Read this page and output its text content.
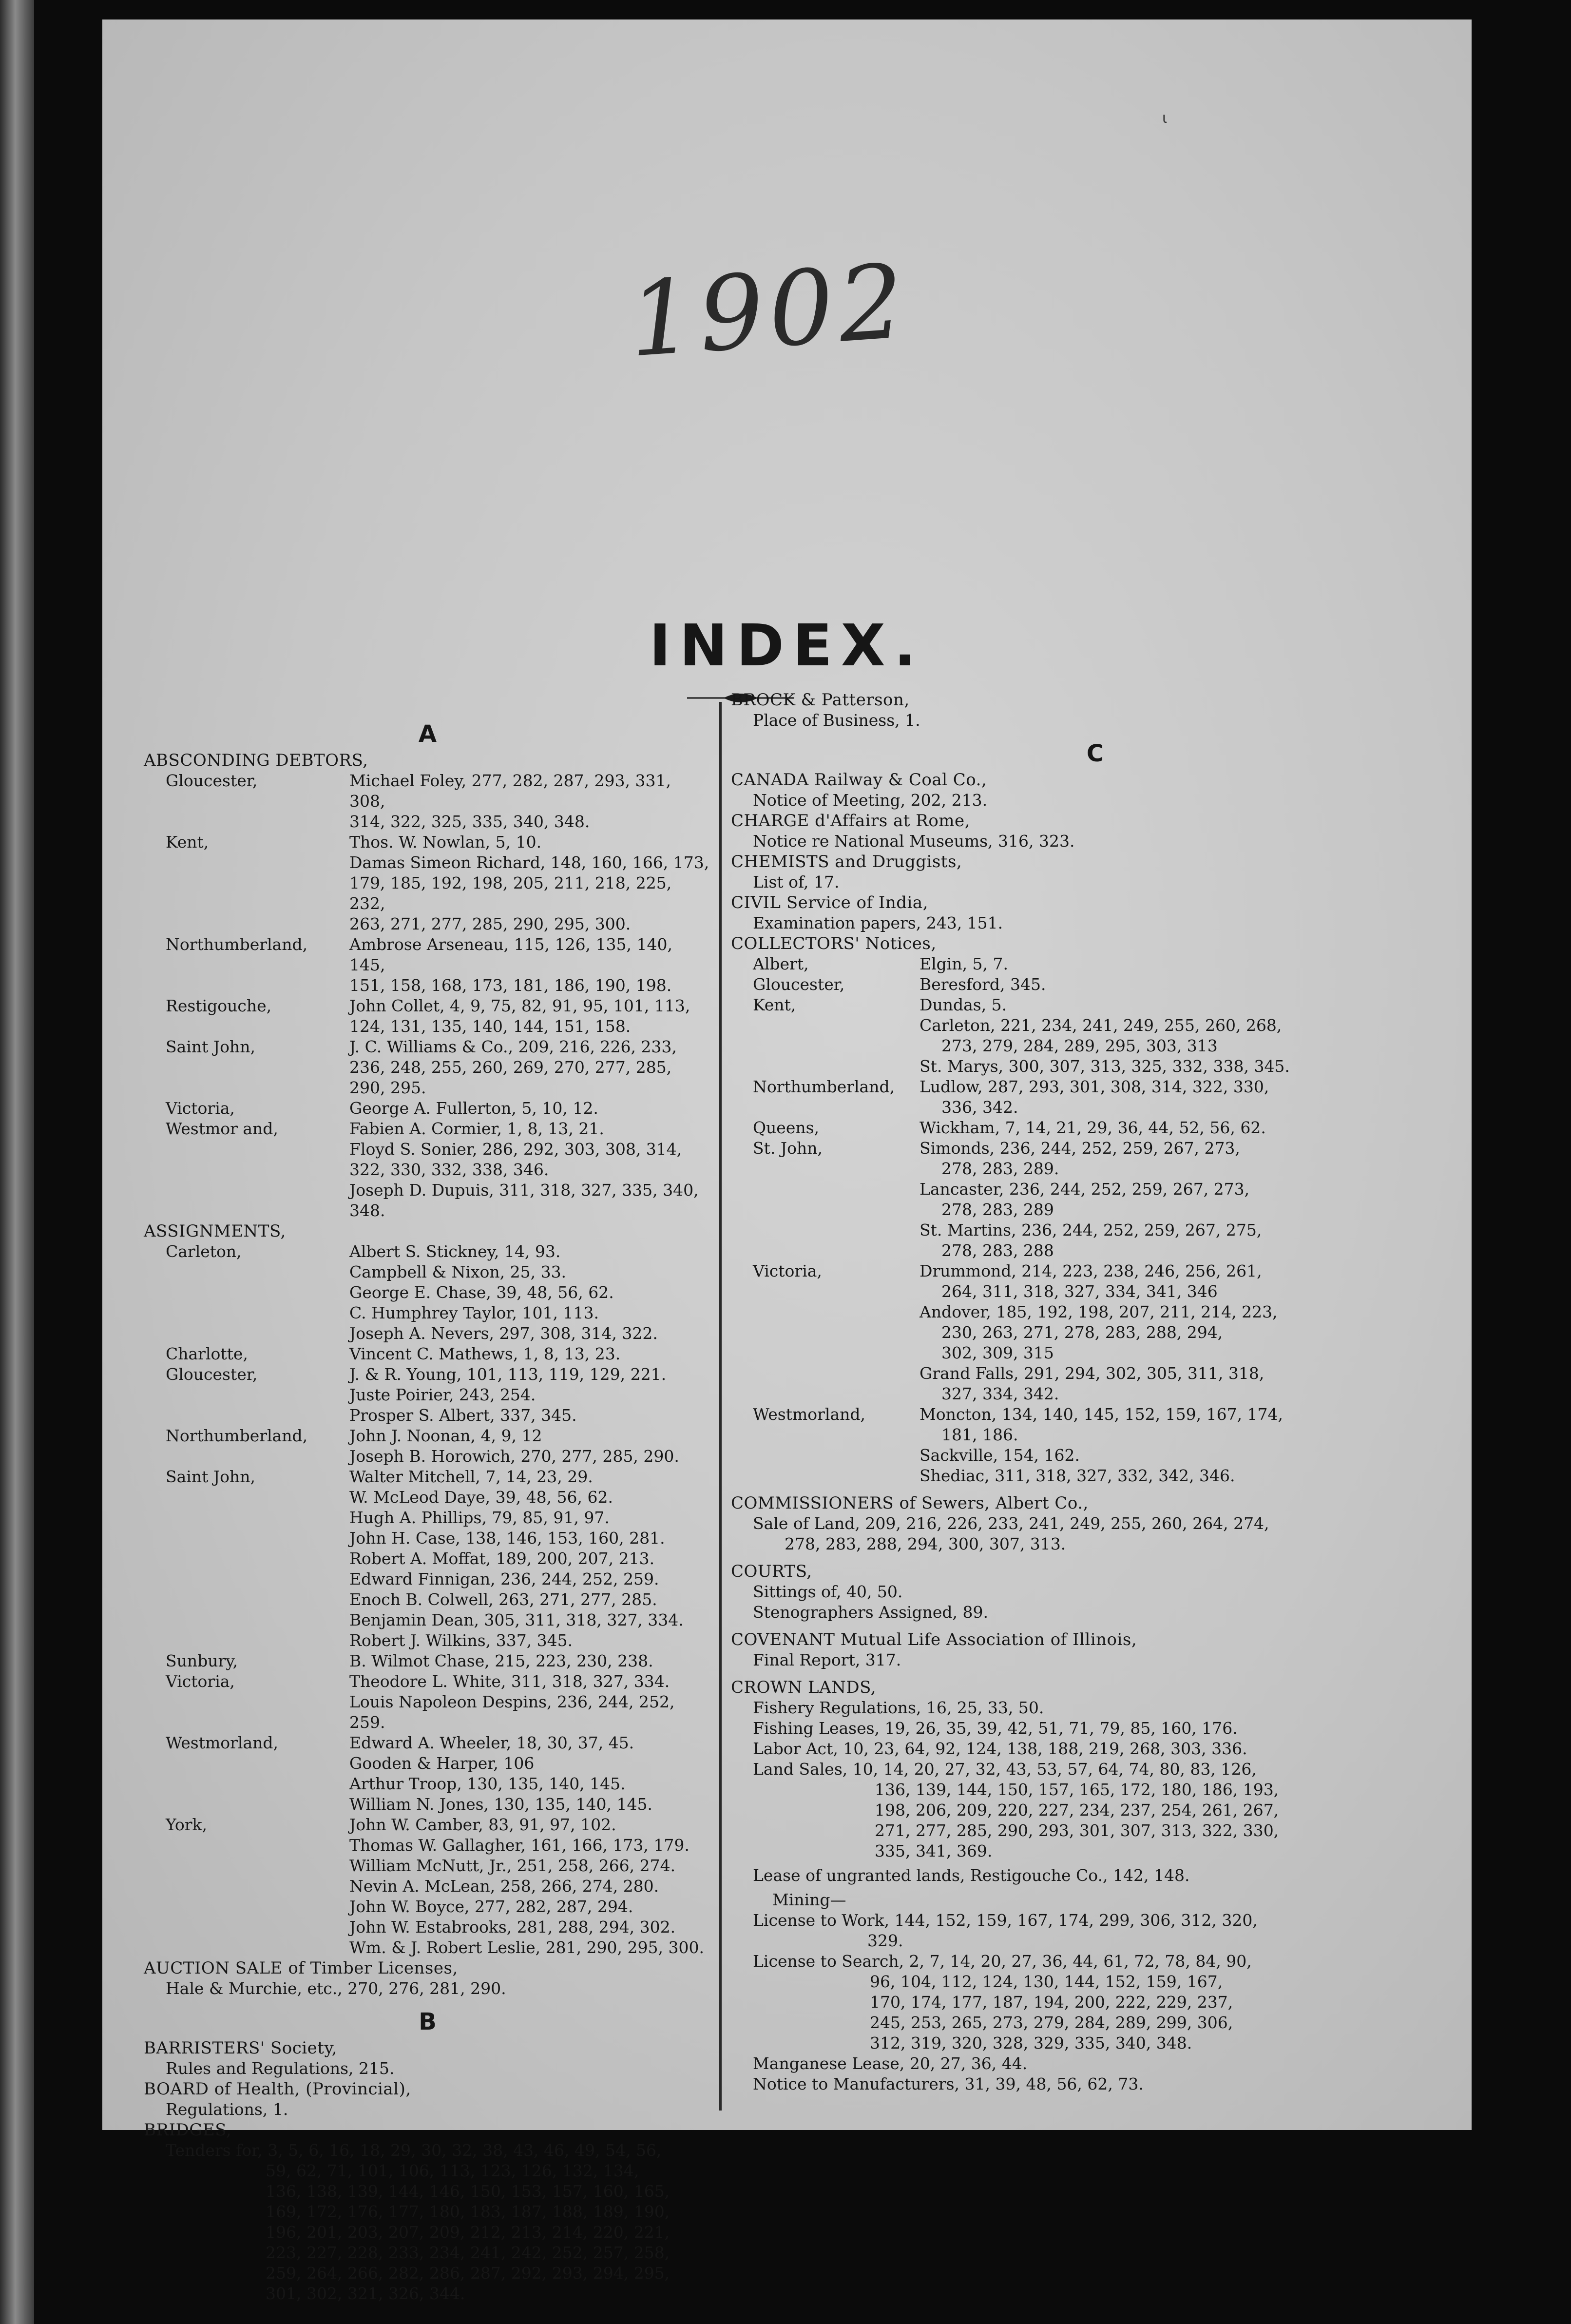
1902
INDEX.
A
ABSCONDING DEBTORS,
Gloucester,	Michael Foley, 277, 282, 287, 293, 331, 308,
314, 322, 325, 335, 340, 348.
Kent,	Thos. W. Nowlan, 5, 10.
Damas Simeon Richard, 148, 160, 166, 173,
179, 185, 192, 198, 205, 211, 218, 225, 232,
263, 271, 277, 285, 290, 295, 300.
Northumberland,	Ambrose Arseneau, 115, 126, 135, 140, 145,
151, 158, 168, 173, 181, 186, 190, 198.
Restigouche,	John Collet, 4, 9, 75, 82, 91, 95, 101, 113,
124, 131, 135, 140, 144, 151, 158.
Saint John,	J. C. Williams & Co., 209, 216, 226, 233,
236, 248, 255, 260, 269, 270, 277, 285,
290, 295.
Victoria,	George A. Fullerton, 5, 10, 12.
Westmor and,	Fabien A. Cormier, 1, 8, 13, 21.
Floyd S. Sonier, 286, 292, 303, 308, 314,
322, 330, 332, 338, 346.
Joseph D. Dupuis, 311, 318, 327, 335, 340,
348.
ASSIGNMENTS,
Carleton,	Albert S. Stickney, 14, 93.
Campbell & Nixon, 25, 33.
George E. Chase, 39, 48, 56, 62.
C. Humphrey Taylor, 101, 113.
Joseph A. Nevers, 297, 308, 314, 322.
Charlotte,	Vincent C. Mathews, 1, 8, 13, 23.
Gloucester,	J. & R. Young, 101, 113, 119, 129, 221.
Juste Poirier, 243, 254.
Prosper S. Albert, 337, 345.
Northumberland,	John J. Noonan, 4, 9, 12
Joseph B. Horowich, 270, 277, 285, 290.
Saint John,	Walter Mitchell, 7, 14, 23, 29.
W. McLeod Daye, 39, 48, 56, 62.
Hugh A. Phillips, 79, 85, 91, 97.
John H. Case, 138, 146, 153, 160, 281.
Robert A. Moffat, 189, 200, 207, 213.
Edward Finnigan, 236, 244, 252, 259.
Enoch B. Colwell, 263, 271, 277, 285.
Benjamin Dean, 305, 311, 318, 327, 334.
Robert J. Wilkins, 337, 345.
Sunbury,	B. Wilmot Chase, 215, 223, 230, 238.
Victoria,	Theodore L. White, 311, 318, 327, 334.
Louis Napoleon Despins, 236, 244, 252, 259.
Westmorland,	Edward A. Wheeler, 18, 30, 37, 45.
Gooden & Harper, 106
Arthur Troop, 130, 135, 140, 145.
William N. Jones, 130, 135, 140, 145.
York,	John W. Camber, 83, 91, 97, 102.
Thomas W. Gallagher, 161, 166, 173, 179.
William McNutt, Jr., 251, 258, 266, 274.
Nevin A. McLean, 258, 266, 274, 280.
John W. Boyce, 277, 282, 287, 294.
John W. Estabrooks, 281, 288, 294, 302.
Wm. & J. Robert Leslie, 281, 290, 295, 300.
AUCTION SALE of Timber Licenses,
Hale & Murchie, etc., 270, 276, 281, 290.
B
BARRISTERS' Society,
Rules and Regulations, 215.
BOARD of Health, (Provincial),
Regulations, 1.
BRIDGES,
Tenders for, 3, 5, 6, 16, 18, 29, 30, 32, 38, 43, 46, 49, 54, 56,
59, 62, 71, 101, 106, 113, 123, 126, 132, 134,
136, 138, 139, 144, 146, 150, 153, 157, 160, 165,
169, 172, 176, 177, 180, 183, 187, 188, 189, 190,
196, 201, 203, 207, 209, 212, 213, 214, 220, 221,
223, 227, 228, 233, 234, 241, 242, 252, 257, 258,
259, 264, 266, 282, 286, 287, 292, 293, 294, 295,
301, 302, 321, 326, 344.
BROCK & Patterson,
Place of Business, 1.
C
CANADA Railway & Coal Co.,
Notice of Meeting, 202, 213.
CHARGE d'Affairs at Rome,
Notice re National Museums, 316, 323.
CHEMISTS and Druggists,
List of, 17.
CIVIL Service of India,
Examination papers, 243, 151.
COLLECTORS' Notices,
Albert,	Elgin, 5, 7.
Gloucester,	Beresford, 345.
Kent,	Dundas, 5.
Carleton, 221, 234, 241, 249, 255, 260, 268,
273, 279, 284, 289, 295, 303, 313
St. Marys, 300, 307, 313, 325, 332, 338, 345.
Northumberland,	Ludlow, 287, 293, 301, 308, 314, 322, 330,
336, 342.
Queens,	Wickham, 7, 14, 21, 29, 36, 44, 52, 56, 62.
St. John,	Simonds, 236, 244, 252, 259, 267, 273,
278, 283, 289.
Lancaster, 236, 244, 252, 259, 267, 273,
278, 283, 289
St. Martins, 236, 244, 252, 259, 267, 275,
278, 283, 288
Victoria,	Drummond, 214, 223, 238, 246, 256, 261,
264, 311, 318, 327, 334, 341, 346
Andover, 185, 192, 198, 207, 211, 214, 223,
230, 263, 271, 278, 283, 288, 294,
302, 309, 315
Grand Falls, 291, 294, 302, 305, 311, 318,
327, 334, 342.
Westmorland,	Moncton, 134, 140, 145, 152, 159, 167, 174,
181, 186.
Sackville, 154, 162.
Shediac, 311, 318, 327, 332, 342, 346.
COMMISSIONERS of Sewers, Albert Co.,
Sale of Land, 209, 216, 226, 233, 241, 249, 255, 260, 264, 274,
278, 283, 288, 294, 300, 307, 313.
COURTS,
Sittings of, 40, 50.
Stenographers Assigned, 89.
COVENANT Mutual Life Association of Illinois,
Final Report, 317.
CROWN LANDS,
Fishery Regulations, 16, 25, 33, 50.
Fishing Leases, 19, 26, 35, 39, 42, 51, 71, 79, 85, 160, 176.
Labor Act, 10, 23, 64, 92, 124, 138, 188, 219, 268, 303, 336.
Land Sales, 10, 14, 20, 27, 32, 43, 53, 57, 64, 74, 80, 83, 126,
136, 139, 144, 150, 157, 165, 172, 180, 186, 193,
198, 206, 209, 220, 227, 234, 237, 254, 261, 267,
271, 277, 285, 290, 293, 301, 307, 313, 322, 330,
335, 341, 369.
Lease of ungranted lands, Restigouche Co., 142, 148.
Mining—
License to Work, 144, 152, 159, 167, 174, 299, 306, 312, 320,
329.
License to Search, 2, 7, 14, 20, 27, 36, 44, 61, 72, 78, 84, 90,
96, 104, 112, 124, 130, 144, 152, 159, 167,
170, 174, 177, 187, 194, 200, 222, 229, 237,
245, 253, 265, 273, 279, 284, 289, 299, 306,
312, 319, 320, 328, 329, 335, 340, 348.
Manganese Lease, 20, 27, 36, 44.
Notice to Manufacturers, 31, 39, 48, 56, 62, 73.
ι
